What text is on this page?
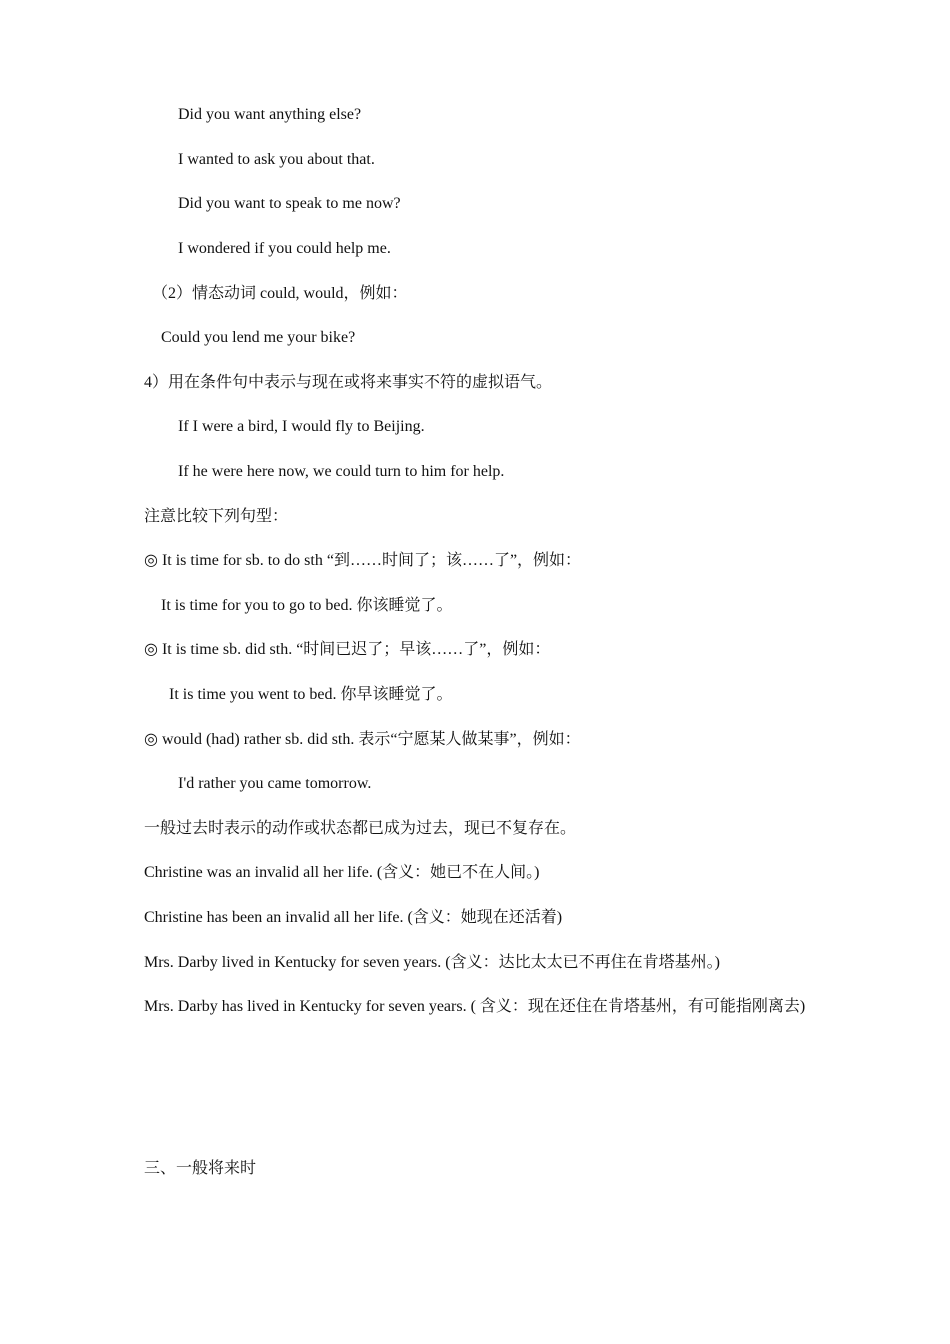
Did you want anything else?
I wanted to ask you about that.
Did you want to speak to me now?
I wondered if you could help me.
（2）情态动词 could, would，例如：
Could you lend me your bike?
4）用在条件句中表示与现在或将来事实不符的虚拟语气。
If I were a bird, I would fly to Beijing.
If he were here now, we could turn to him for help.
注意比较下列句型：
◎ It is time for sb. to do sth “到……时间了；该……了”，例如：
It is time for you to go to bed. 你该睡觉了。
◎ It is time sb. did sth. “时间已迟了；早该……了”，例如：
It is time you went to bed. 你早该睡觉了。
◎ would (had) rather sb. did sth. 表示“宁愿某人做某事”，例如：
I'd rather you came tomorrow.
一般过去时表示的动作或状态都已成为过去，现已不复存在。
Christine was an invalid all her life. (含义：她已不在人间。)
Christine has been an invalid all her life. (含义：她现在还活着)
Mrs. Darby lived in Kentucky for seven years. (含义：达比太太已不再住在肯塔基州。)
Mrs. Darby has lived in Kentucky for seven years. ( 含义：现在还住在肯塔基州，有可能指刚离去)
三、一般将来时
